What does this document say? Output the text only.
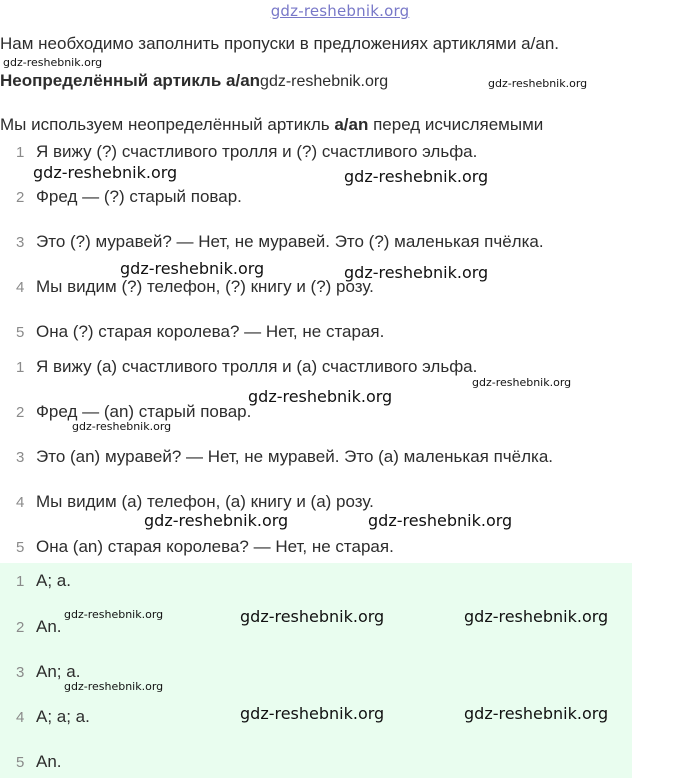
gdz-reshebnik.org
Нам необходимо заполнить пропуски в предложениях артиклями a/an.
gdz-reshebnik.org
Неопределённый артикль a/angdz-reshebnik.org	gdz-reshebnik.org
Мы используем неопределённый артикль a/an перед исчисляемыми
1 Я вижу (?) счастливого тролля и (?) счастливого эльфа.
gdz-reshebnik.org	gdz-reshebnik.org
2 Фред — (?) старый повар.
3 Это (?) муравей? — Нет, не муравей. Это (?) маленькая пчёлка.
gdz-reshebnik.org	gdz-reshebnik.org
4 Мы видим (?) телефон, (?) книгу и (?) розу.
5 Она (?) старая королева? — Нет, не старая.
1 Я вижу (a) счастливого тролля и (a) счастливого эльфа.
gdz-reshebnik.org
gdz-reshebnik.org
2 Фред — (an) старый повар.
gdz-reshebnik.org
3 Это (an) муравей? — Нет, не муравей. Это (a) маленькая пчёлка.
4 Мы видим (a) телефон, (a) книгу и (a) розу.
gdz-reshebnik.org	gdz-reshebnik.org
5 Она (an) старая королева? — Нет, не старая.
1 A; a.
2 An.
gdz-reshebnik.org	gdz-reshebnik.org	gdz-reshebnik.org
3 An; a.
gdz-reshebnik.org
4 A; a; a.	gdz-reshebnik.org	gdz-reshebnik.org
5 An.
